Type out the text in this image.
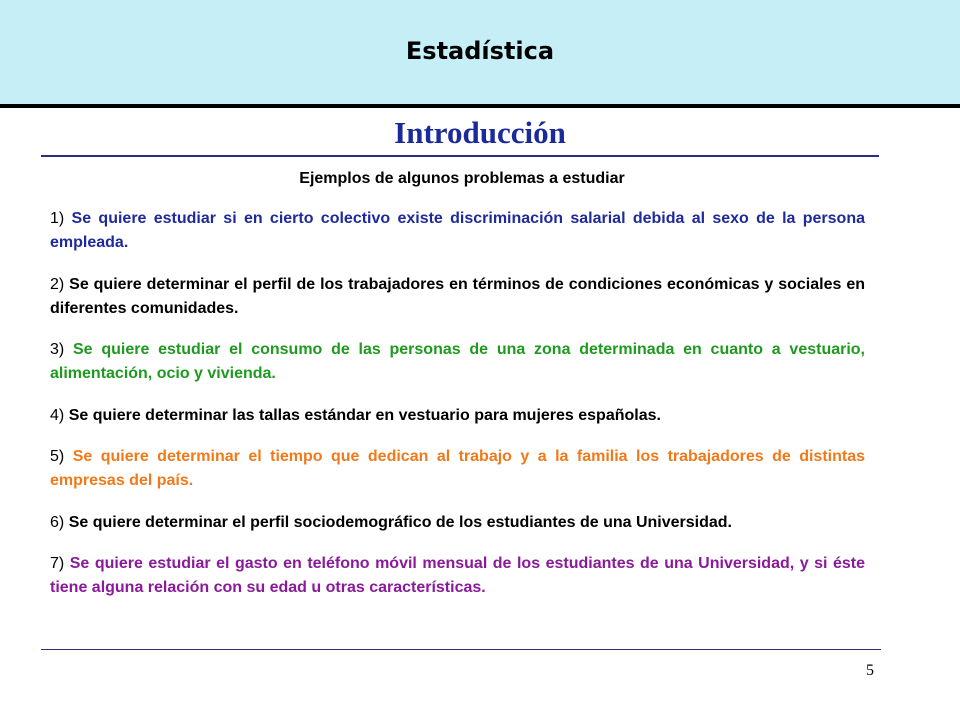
Estadística
Introducción
Ejemplos de algunos problemas a estudiar

1) Se quiere estudiar si en cierto colectivo existe discriminación salarial debida al sexo de la persona empleada.

2) Se quiere determinar el perfil de los trabajadores en términos de condiciones económicas y sociales en diferentes comunidades.

3) Se quiere estudiar el consumo de las personas de una zona determinada en cuanto a vestuario, alimentación, ocio y vivienda.

4) Se quiere determinar las tallas estándar en vestuario para mujeres españolas.

5) Se quiere determinar el tiempo que dedican al trabajo y a la familia los trabajadores de distintas empresas del país.

6) Se quiere determinar el perfil sociodemográfico de los estudiantes de una Universidad.

7) Se quiere estudiar el gasto en teléfono móvil mensual de los estudiantes de una Universidad, y si éste tiene alguna relación con su edad u otras características.

5
